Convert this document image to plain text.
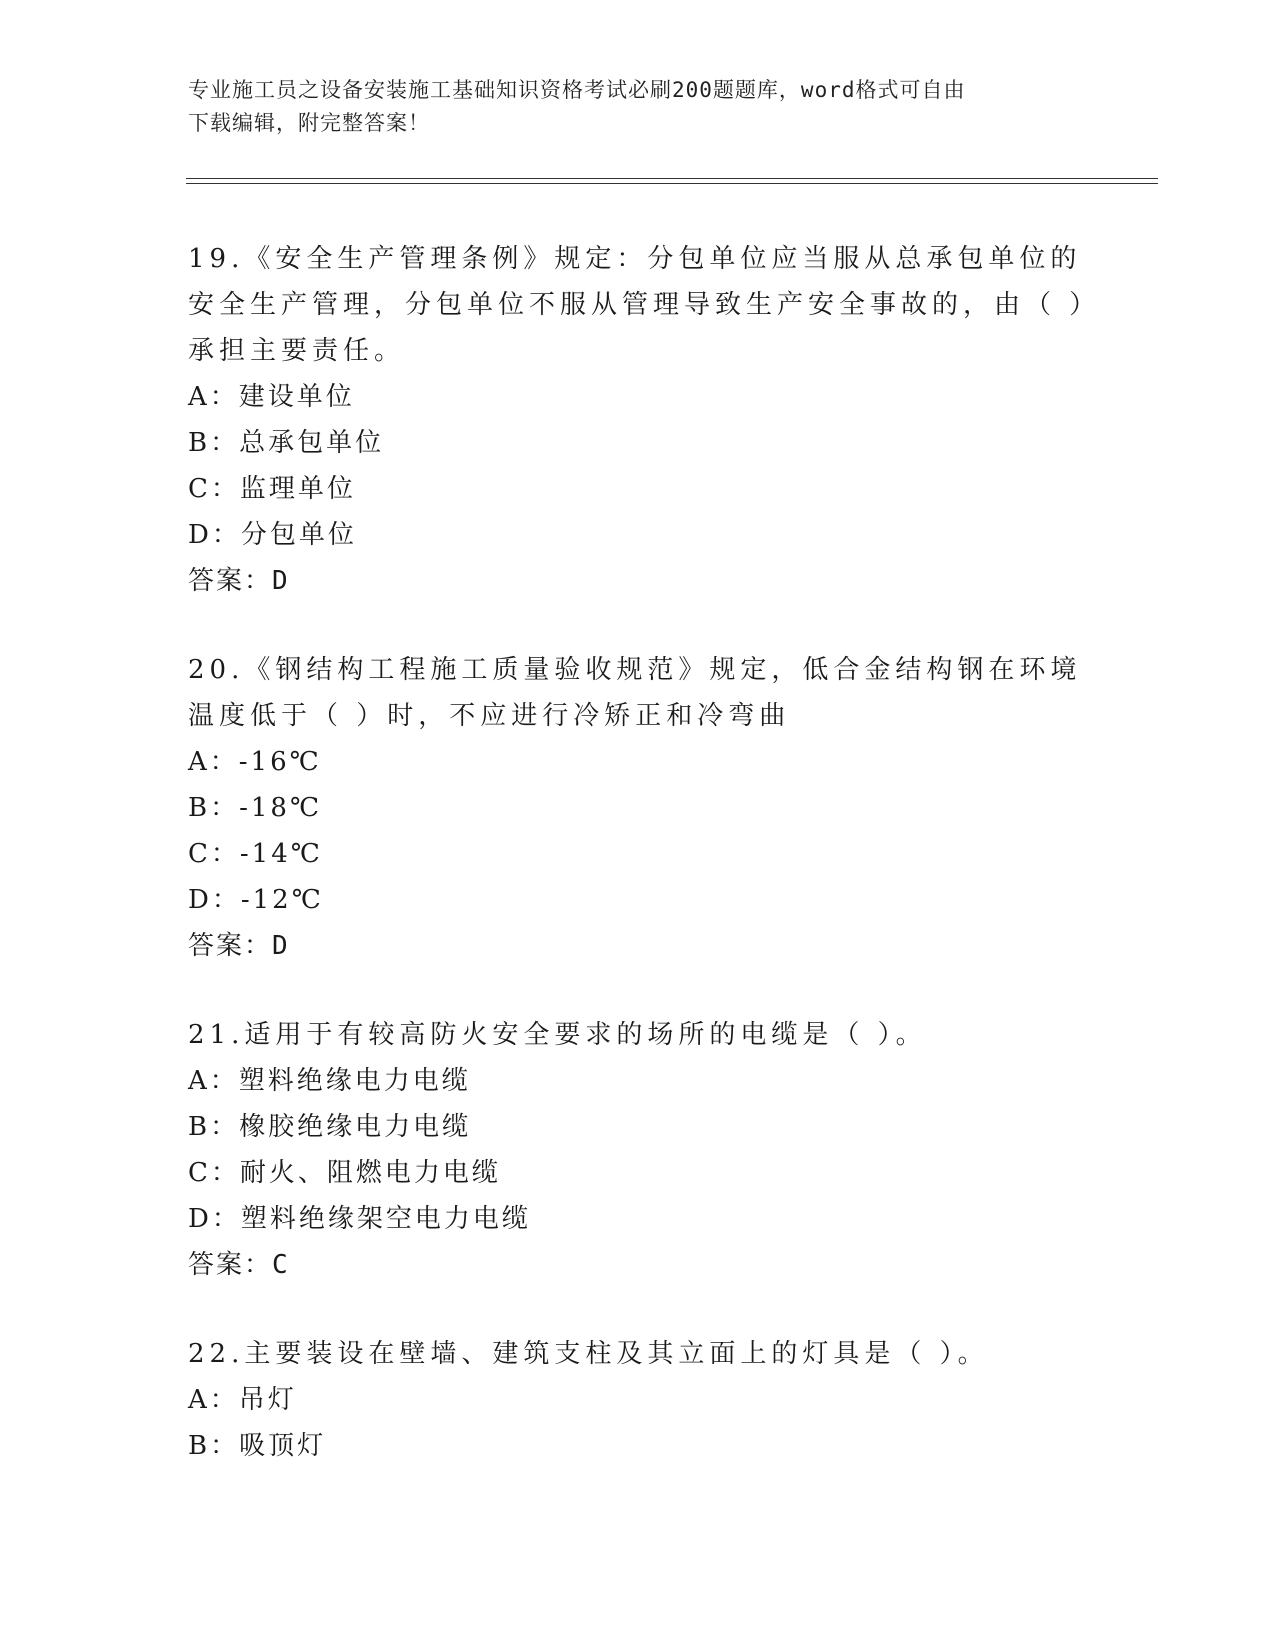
专业施工员之设备安装施工基础知识资格考试必刷200题题库，word格式可自由
下载编辑，附完整答案！

19.《安全生产管理条例》规定：分包单位应当服从总承包单位的安全生产管理，分包单位不服从管理导致生产安全事故的，由（ ）承担主要责任。

A：建设单位

B：总承包单位

C：监理单位

D：分包单位

答案：D

20.《钢结构工程施工质量验收规范》规定，低合金结构钢在环境温度低于（ ）时，不应进行冷矫正和冷弯曲

A：-16℃

B：-18℃

C：-14℃

D：-12℃

答案：D

21.适用于有较高防火安全要求的场所的电缆是（ ）。

A：塑料绝缘电力电缆

B：橡胶绝缘电力电缆

C：耐火、阻燃电力电缆

D：塑料绝缘架空电力电缆

答案：C

22.主要装设在壁墙、建筑支柱及其立面上的灯具是（ ）。

A：吊灯

B：吸顶灯
